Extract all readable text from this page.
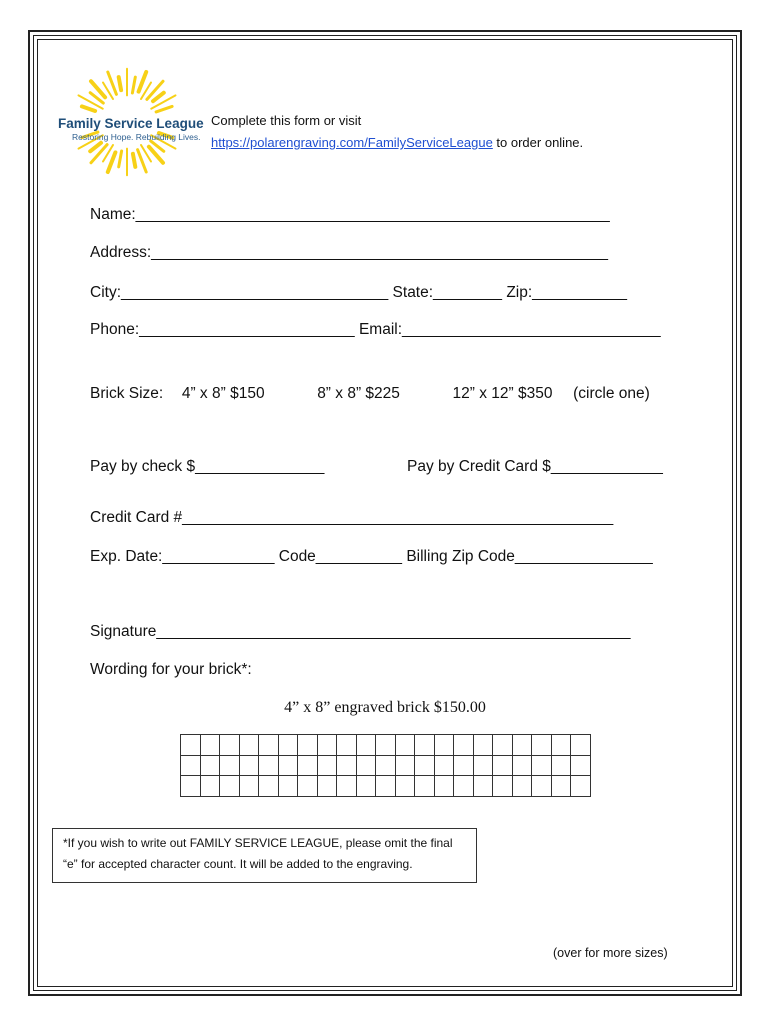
Family Service League
Restoring Hope. Rebuilding Lives.
Complete this form or visit
https://polarengraving.com/FamilyServiceLeague to order online.
Name:_______________________________________________________
Address:_____________________________________________________
City:_______________________________ State:________ Zip:___________
Phone:_________________________ Email:______________________________
Brick Size: 4” x 8” $150	8” x 8” $225	12” x 12” $350 (circle one)
Pay by check $_______________	Pay by Credit Card $_____________
Credit Card #__________________________________________________
Exp. Date:_____________ Code__________ Billing Zip Code________________
Signature_______________________________________________________
Wording for your brick*:
4” x 8” engraved brick $150.00

*If you wish to write out FAMILY SERVICE LEAGUE, please omit the final
“e” for accepted character count. It will be added to the engraving.
(over for more sizes)
